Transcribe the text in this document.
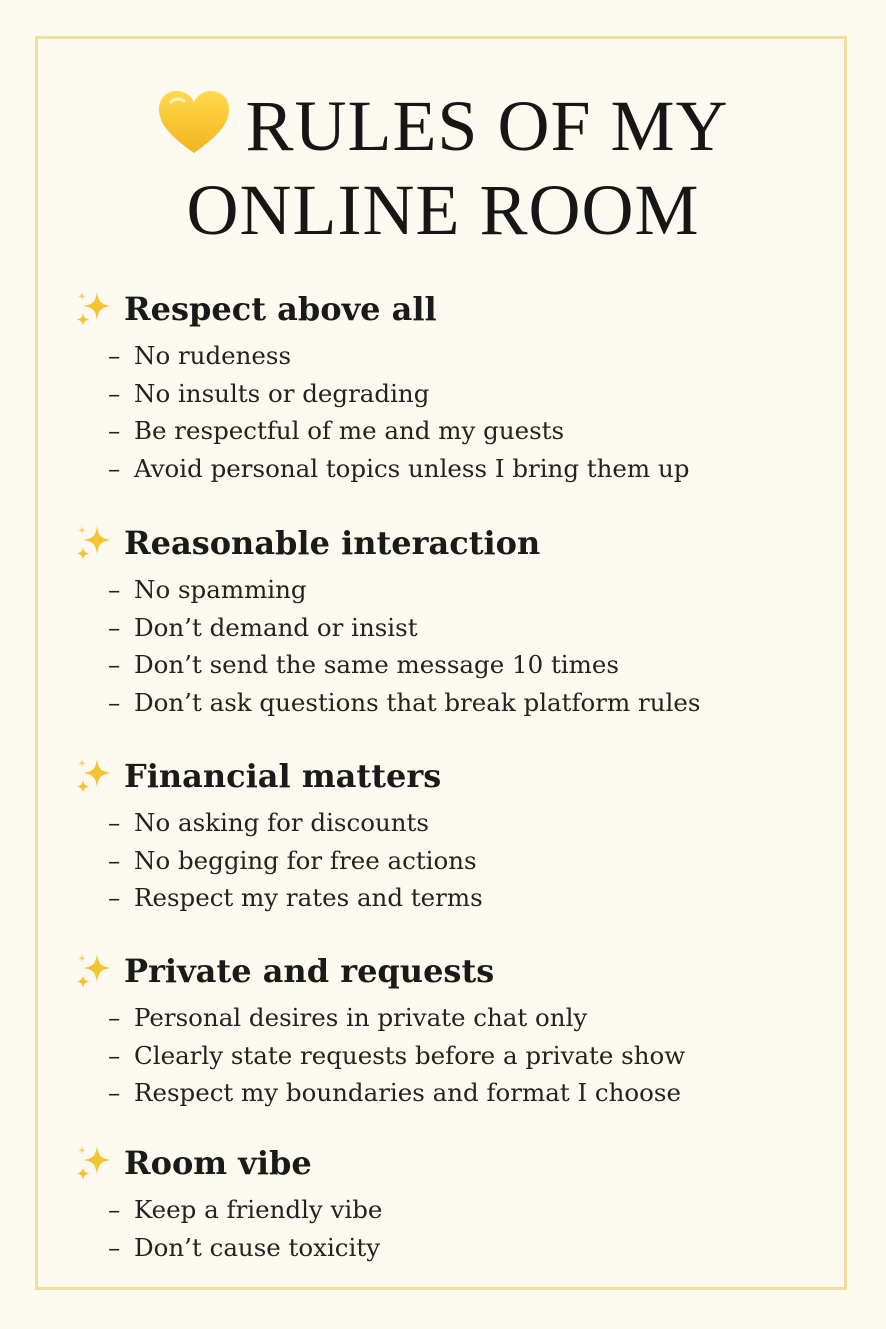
RULES OF MY
ONLINE ROOM
Respect above all
– No rudeness
– No insults or degrading
– Be respectful of me and my guests
– Avoid personal topics unless I bring them up
Reasonable interaction
– No spamming
– Don’t demand or insist
– Don’t send the same message 10 times
– Don’t ask questions that break platform rules
Financial matters
– No asking for discounts
– No begging for free actions
– Respect my rates and terms
Private and requests
– Personal desires in private chat only
– Clearly state requests before a private show
– Respect my boundaries and format I choose
Room vibe
– Keep a friendly vibe
– Don’t cause toxicity
